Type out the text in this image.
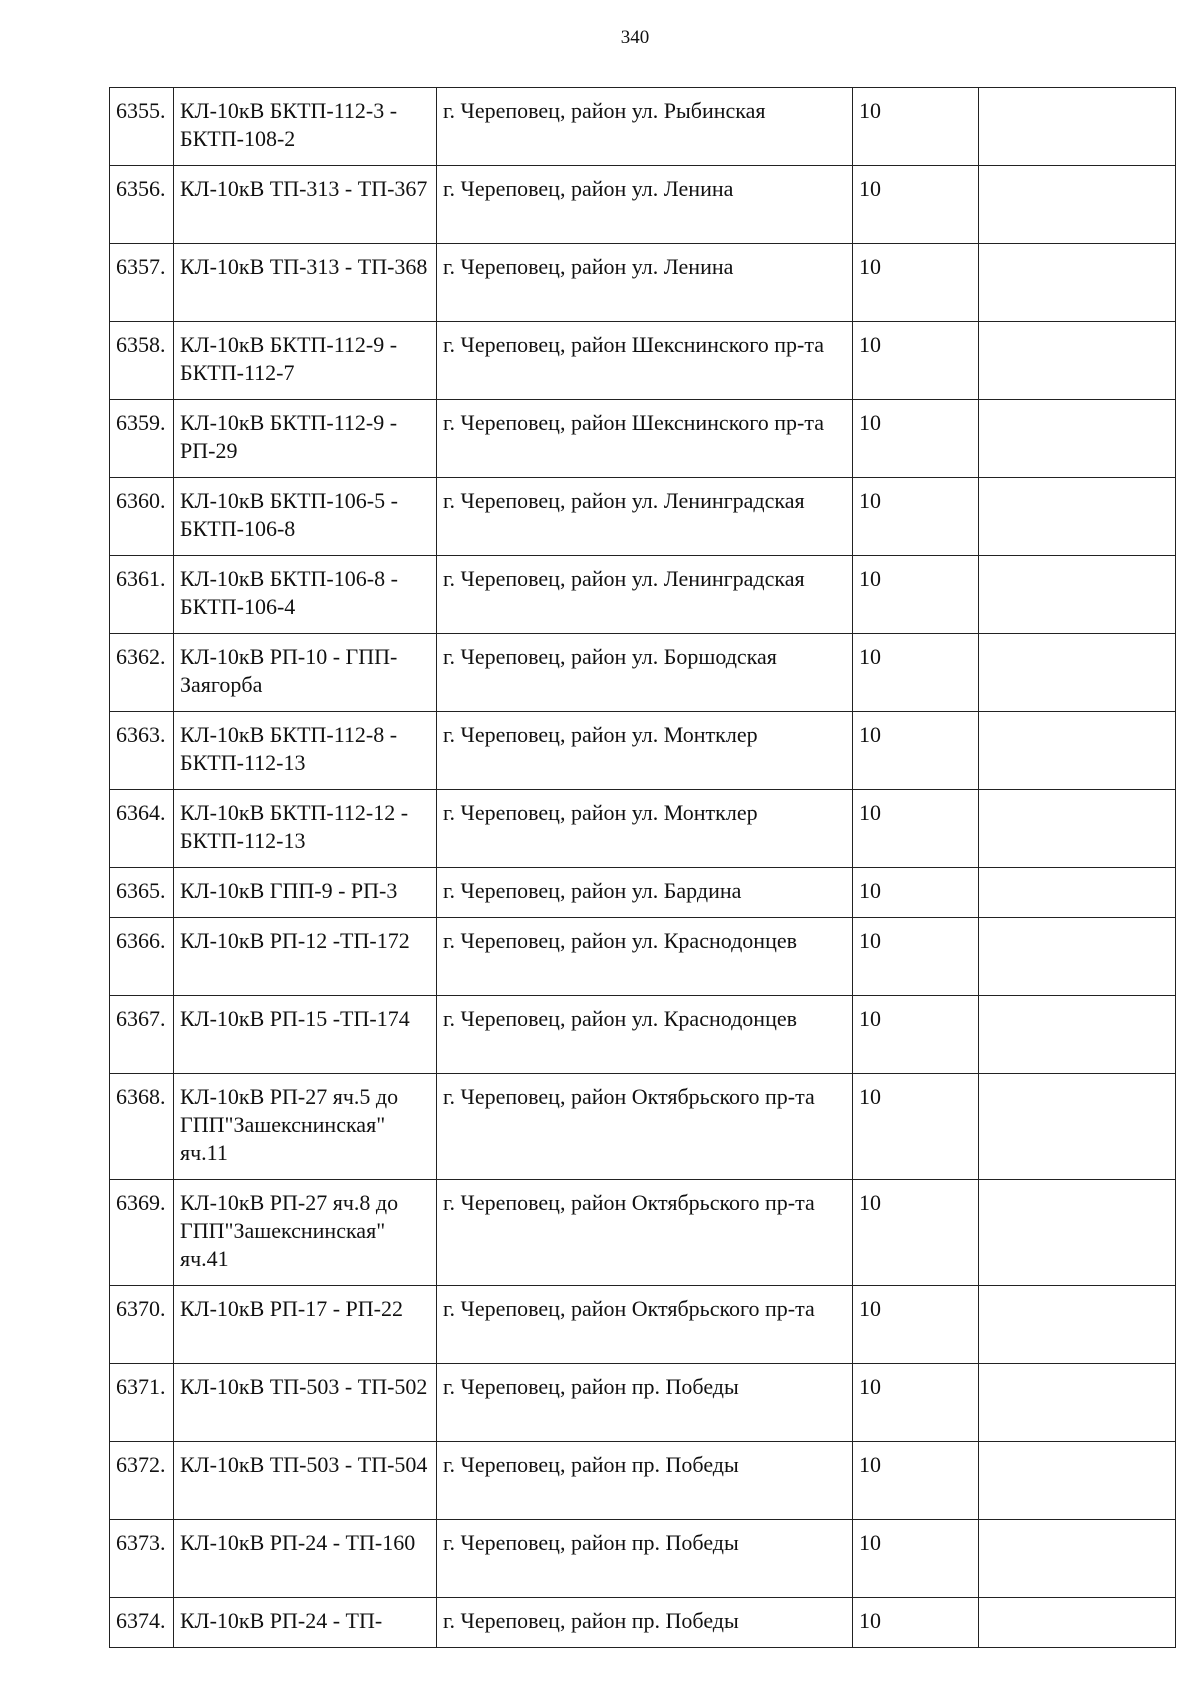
340
6355.	КЛ-10кВ БКТП-112-3 - БКТП-108-2	г. Череповец, район ул. Рыбинская	10	
6356.	КЛ-10кВ ТП-313 - ТП-367	г. Череповец, район ул. Ленина	10	
6357.	КЛ-10кВ ТП-313 - ТП-368	г. Череповец, район ул. Ленина	10	
6358.	КЛ-10кВ БКТП-112-9 - БКТП-112-7	г. Череповец, район Шекснинского пр-та	10	
6359.	КЛ-10кВ БКТП-112-9 - РП-29	г. Череповец, район Шекснинского пр-та	10	
6360.	КЛ-10кВ БКТП-106-5 - БКТП-106-8	г. Череповец, район ул. Ленинградская	10	
6361.	КЛ-10кВ БКТП-106-8 - БКТП-106-4	г. Череповец, район ул. Ленинградская	10	
6362.	КЛ-10кВ РП-10 - ГПП-Заягорба	г. Череповец, район ул. Боршодская	10	
6363.	КЛ-10кВ БКТП-112-8 - БКТП-112-13	г. Череповец, район ул. Монтклер	10	
6364.	КЛ-10кВ БКТП-112-12 - БКТП-112-13	г. Череповец, район ул. Монтклер	10	
6365.	КЛ-10кВ ГПП-9 - РП-3	г. Череповец, район ул. Бардина	10	
6366.	КЛ-10кВ РП-12 -ТП-172	г. Череповец, район ул. Краснодонцев	10	
6367.	КЛ-10кВ РП-15 -ТП-174	г. Череповец, район ул. Краснодонцев	10	
6368.	КЛ-10кВ РП-27 яч.5 до ГПП"Зашекснинская" яч.11	г. Череповец, район Октябрьского пр-та	10	
6369.	КЛ-10кВ РП-27 яч.8 до ГПП"Зашекснинская" яч.41	г. Череповец, район Октябрьского пр-та	10	
6370.	КЛ-10кВ РП-17 - РП-22	г. Череповец, район Октябрьского пр-та	10	
6371.	КЛ-10кВ ТП-503 - ТП-502	г. Череповец, район пр. Победы	10	
6372.	КЛ-10кВ ТП-503 - ТП-504	г. Череповец, район пр. Победы	10	
6373.	КЛ-10кВ РП-24 - ТП-160	г. Череповец, район пр. Победы	10	
6374.	КЛ-10кВ РП-24 - ТП-	г. Череповец, район пр. Победы	10	
